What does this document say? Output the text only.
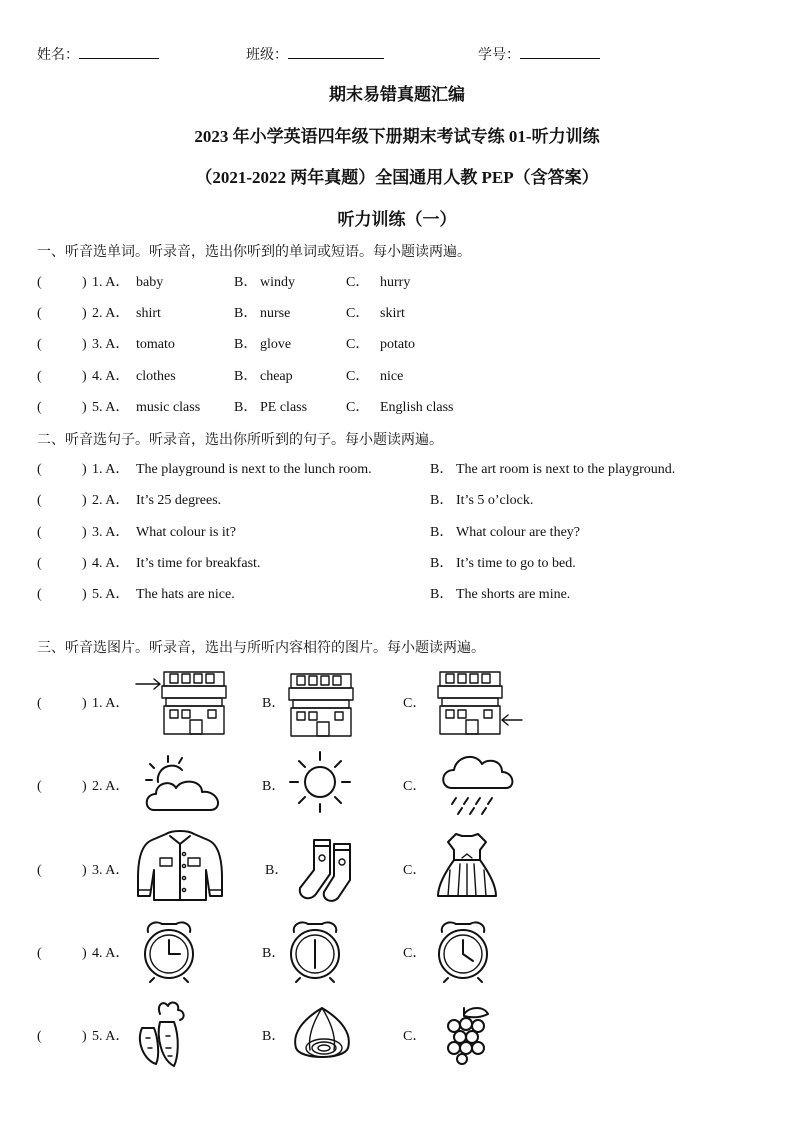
姓名：	班级：	学号：
期末易错真题汇编
2023 年小学英语四年级下册期末考试专练 01-听力训练
（2021-2022 两年真题）全国通用人教 PEP（含答案）
听力训练（一）
一、听音选单词。听录音，选出你听到的单词或短语。每小题读两遍。
(	) 1. A． baby	B． windy	C． hurry
(	) 2. A． shirt	B． nurse	C． skirt
(	) 3. A． tomato	B． glove	C． potato
(	) 4. A． clothes	B． cheap	C． nice
(	) 5. A． music class B． PE class	C． English class
二、听音选句子。听录音，选出你所听到的句子。每小题读两遍。
(	) 1. A． The playground is next to the lunch room.	B． The art room is next to the playground.
(	) 2. A． It’s 25 degrees.	B． It’s 5 o’clock.
(	) 3. A． What colour is it?	B． What colour are they?
(	) 4. A． It’s time for breakfast.	B． It’s time to go to bed.
(	) 5. A． The hats are nice.	B． The shorts are mine.
三、听音选图片。听录音，选出与所听内容相符的图片。每小题读两遍。
(	) 1. A．	B．	C．
(	) 2. A．	B．	C．
(	) 3. A．	B．	C．
(	) 4. A．	B．	C．
(	) 5. A．	B．	C．
